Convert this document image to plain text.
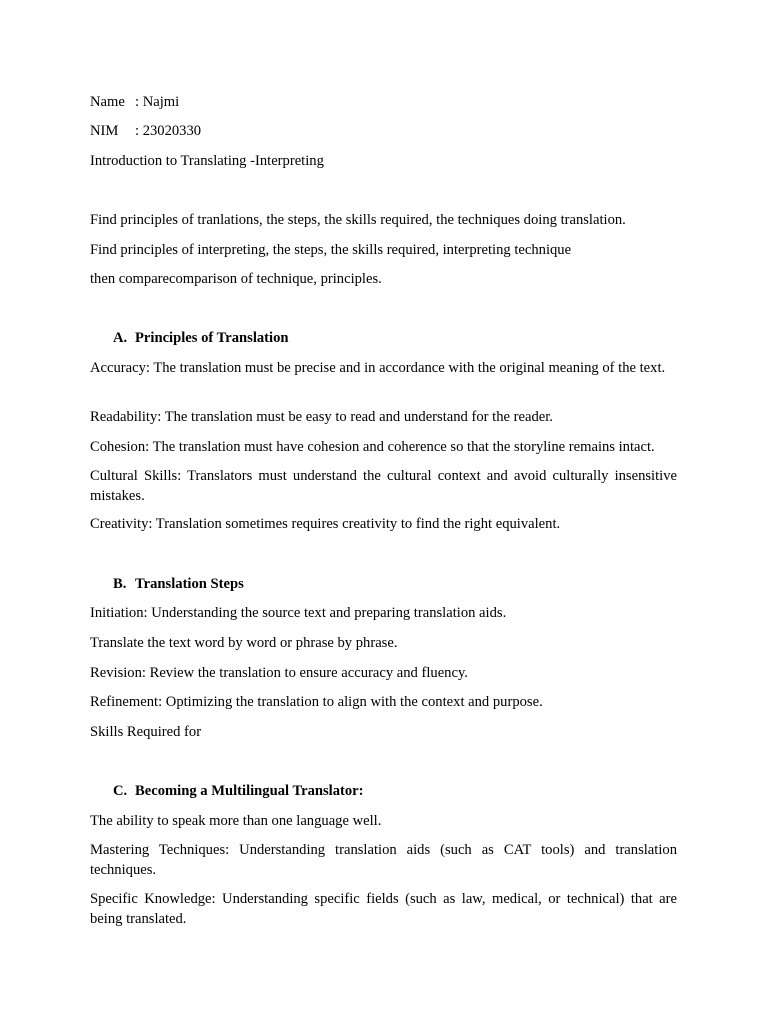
Name : Najmi
NIM : 23020330
Introduction to Translating -Interpreting
Find principles of tranlations, the steps, the skills required, the techniques doing translation.
Find principles of interpreting, the steps, the skills required, interpreting technique
then comparecomparison of technique, principles.
A. Principles of Translation
Accuracy: The translation must be precise and in accordance with the original meaning of the text.
Readability: The translation must be easy to read and understand for the reader.
Cohesion: The translation must have cohesion and coherence so that the storyline remains intact.
Cultural Skills: Translators must understand the cultural context and avoid culturally insensitive mistakes.
Creativity: Translation sometimes requires creativity to find the right equivalent.
B. Translation Steps
Initiation: Understanding the source text and preparing translation aids.
Translate the text word by word or phrase by phrase.
Revision: Review the translation to ensure accuracy and fluency.
Refinement: Optimizing the translation to align with the context and purpose.
Skills Required for
C. Becoming a Multilingual Translator:
The ability to speak more than one language well.
Mastering Techniques: Understanding translation aids (such as CAT tools) and translation techniques.
Specific Knowledge: Understanding specific fields (such as law, medical, or technical) that are being translated.
